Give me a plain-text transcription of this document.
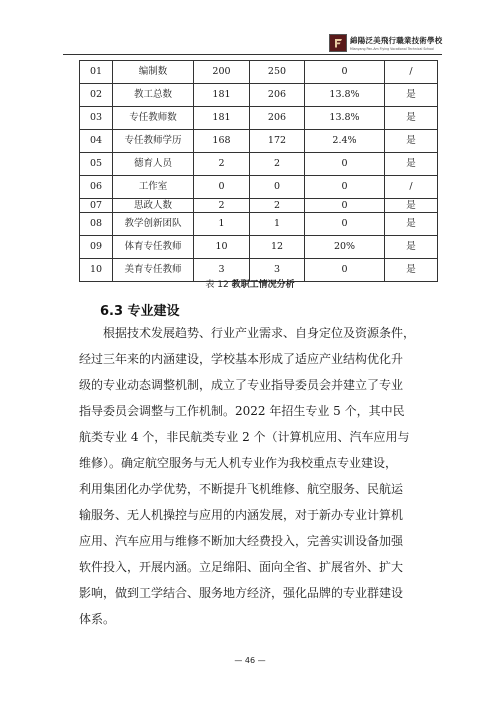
綿陽泛美飛行職業技術學校
Mianyang Pan-Am Flying Vocational Technical School
01	编制数	200	250	0	/
02	教工总数	181	206	13.8%	是
03	专任教师数	181	206	13.8%	是
04	专任教师学历	168	172	2.4%	是
05	德育人员	2	2	0	是
06	工作室	0	0	0	/
07	思政人数	2	2	0	是
08	教学创新团队	1	1	0	是
09	体育专任教师	10	12	20%	是
10	美育专任教师	3	3	0	是
表 12 教职工情况分析
6.3 专业建设
根据技术发展趋势、行业产业需求、自身定位及资源条件，
经过三年来的内涵建设，学校基本形成了适应产业结构优化升
级的专业动态调整机制，成立了专业指导委员会并建立了专业
指导委员会调整与工作机制。2022 年招生专业 5 个，其中民
航类专业 4 个，非民航类专业 2 个（计算机应用、汽车应用与
维修）。确定航空服务与无人机专业作为我校重点专业建设，
利用集团化办学优势，不断提升飞机维修、航空服务、民航运
输服务、无人机操控与应用的内涵发展，对于新办专业计算机
应用、汽车应用与维修不断加大经费投入，完善实训设备加强
软件投入，开展内涵。立足绵阳、面向全省、扩展省外、扩大
影响，做到工学结合、服务地方经济，强化品牌的专业群建设
体系。
— 46 —
